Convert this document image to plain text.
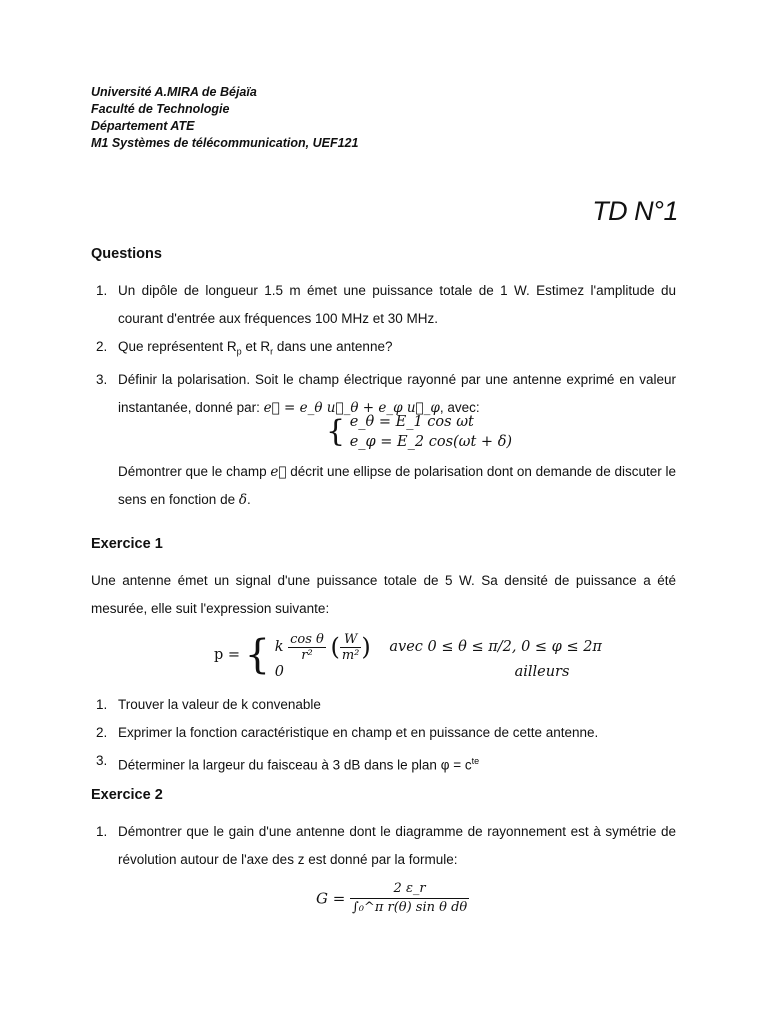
Université A.MIRA de Béjaïa
Faculté de Technologie
Département ATE
M1 Systèmes de télécommunication, UEF121
TD N°1
Questions
1. Un dipôle de longueur 1.5 m émet une puissance totale de 1 W. Estimez l'amplitude du courant d'entrée aux fréquences 100 MHz et 30 MHz.
2. Que représentent $R_p$ et $R_r$ dans une antenne?
3. Définir la polarisation. Soit le champ électrique rayonné par une antenne exprimé en valeur instantanée, donné par: e⃗ = e_θ u⃗_θ + e_φ u⃗_φ, avec:
{ e_θ = E_1 cos ωt
e_φ = E_2 cos(ωt + δ)
Démontrer que le champ e⃗ décrit une ellipse de polarisation dont on demande de discuter le sens en fonction de δ.
Exercice 1
Une antenne émet un signal d'une puissance totale de 5 W. Sa densité de puissance a été mesurée, elle suit l'expression suivante:
p = { k $\frac{\text{cos θ}}{\text{r²}}$ ( $\frac{W}{\text{m²}}$ ) avec 0 ≤ θ ≤ π/2, 0 ≤ φ ≤ 2π
0	ailleurs
1. Trouver la valeur de k convenable
2. Exprimer la fonction caractéristique en champ et en puissance de cette antenne.
3. Déterminer la largeur du faisceau à 3 dB dans le plan $\varphi = c^{te}$
Exercice 2
1. Démontrer que le gain d'une antenne dont le diagramme de rayonnement est à symétrie de révolution autour de l'axe des z est donné par la formule:
$G = \frac{2 \varepsilon\_r}{\text{∫₀\textasciicircum{}π r(θ) sin θ dθ}}$
